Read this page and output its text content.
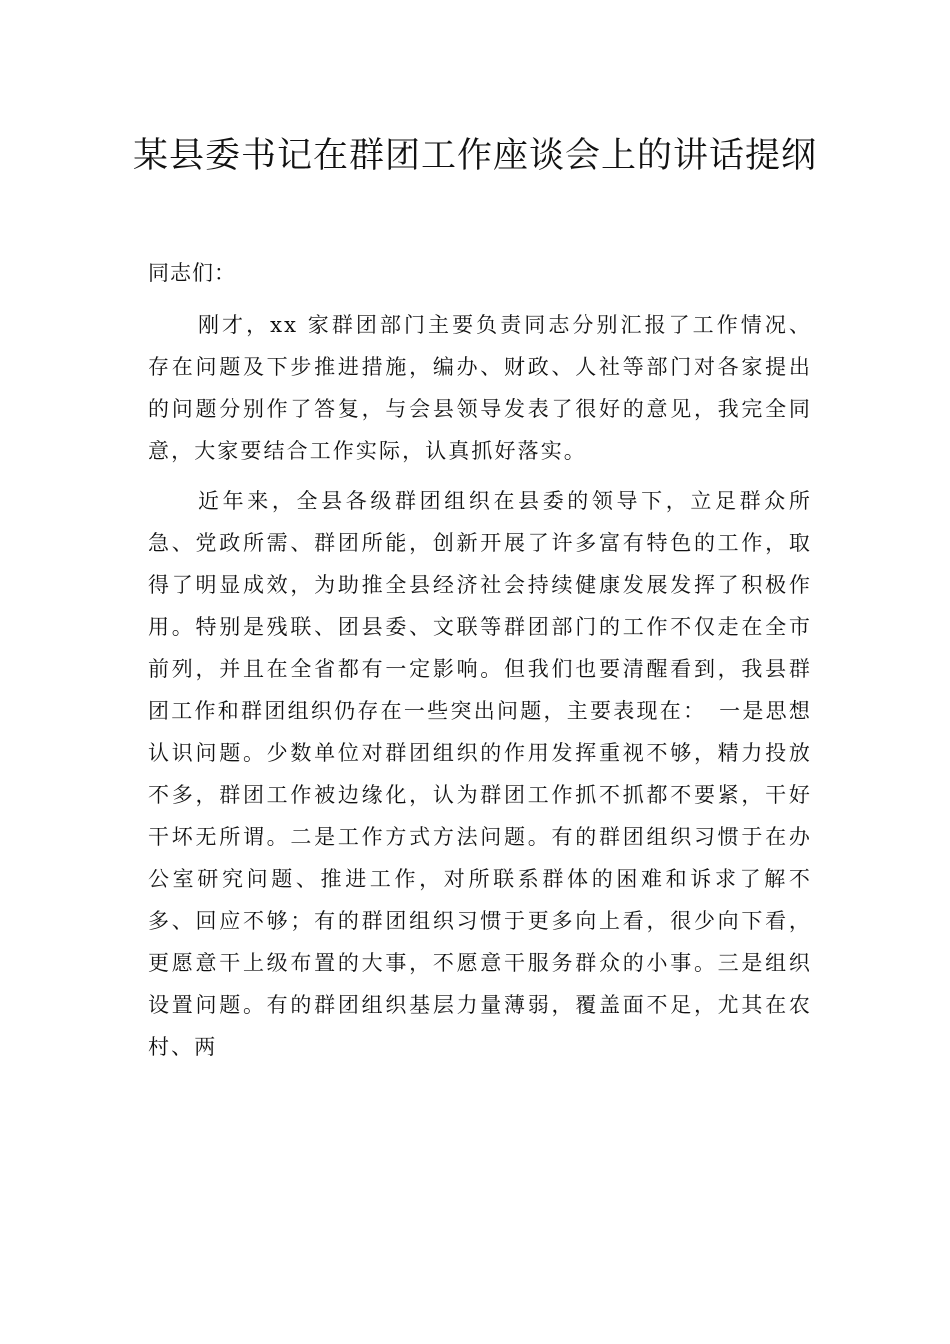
某县委书记在群团工作座谈会上的讲话提纲

同志们：

刚才，xx 家群团部门主要负责同志分别汇报了工作情况、存在问题及下步推进措施，编办、财政、人社等部门对各家提出的问题分别作了答复，与会县领导发表了很好的意见，我完全同意，大家要结合工作实际，认真抓好落实。

近年来，全县各级群团组织在县委的领导下，立足群众所急、党政所需、群团所能，创新开展了许多富有特色的工作，取得了明显成效，为助推全县经济社会持续健康发展发挥了积极作用。特别是残联、团县委、文联等群团部门的工作不仅走在全市前列，并且在全省都有一定影响。但我们也要清醒看到，我县群团工作和群团组织仍存在一些突出问题，主要表现在：　一是思想认识问题。少数单位对群团组织的作用发挥重视不够，精力投放不多，群团工作被边缘化，认为群团工作抓不抓都不要紧，干好干坏无所谓。二是工作方式方法问题。有的群团组织习惯于在办公室研究问题、推进工作，对所联系群体的困难和诉求了解不多、回应不够；有的群团组织习惯于更多向上看，很少向下看，更愿意干上级布置的大事，不愿意干服务群众的小事。三是组织设置问题。有的群团组织基层力量薄弱，覆盖面不足，尤其在农村、两
